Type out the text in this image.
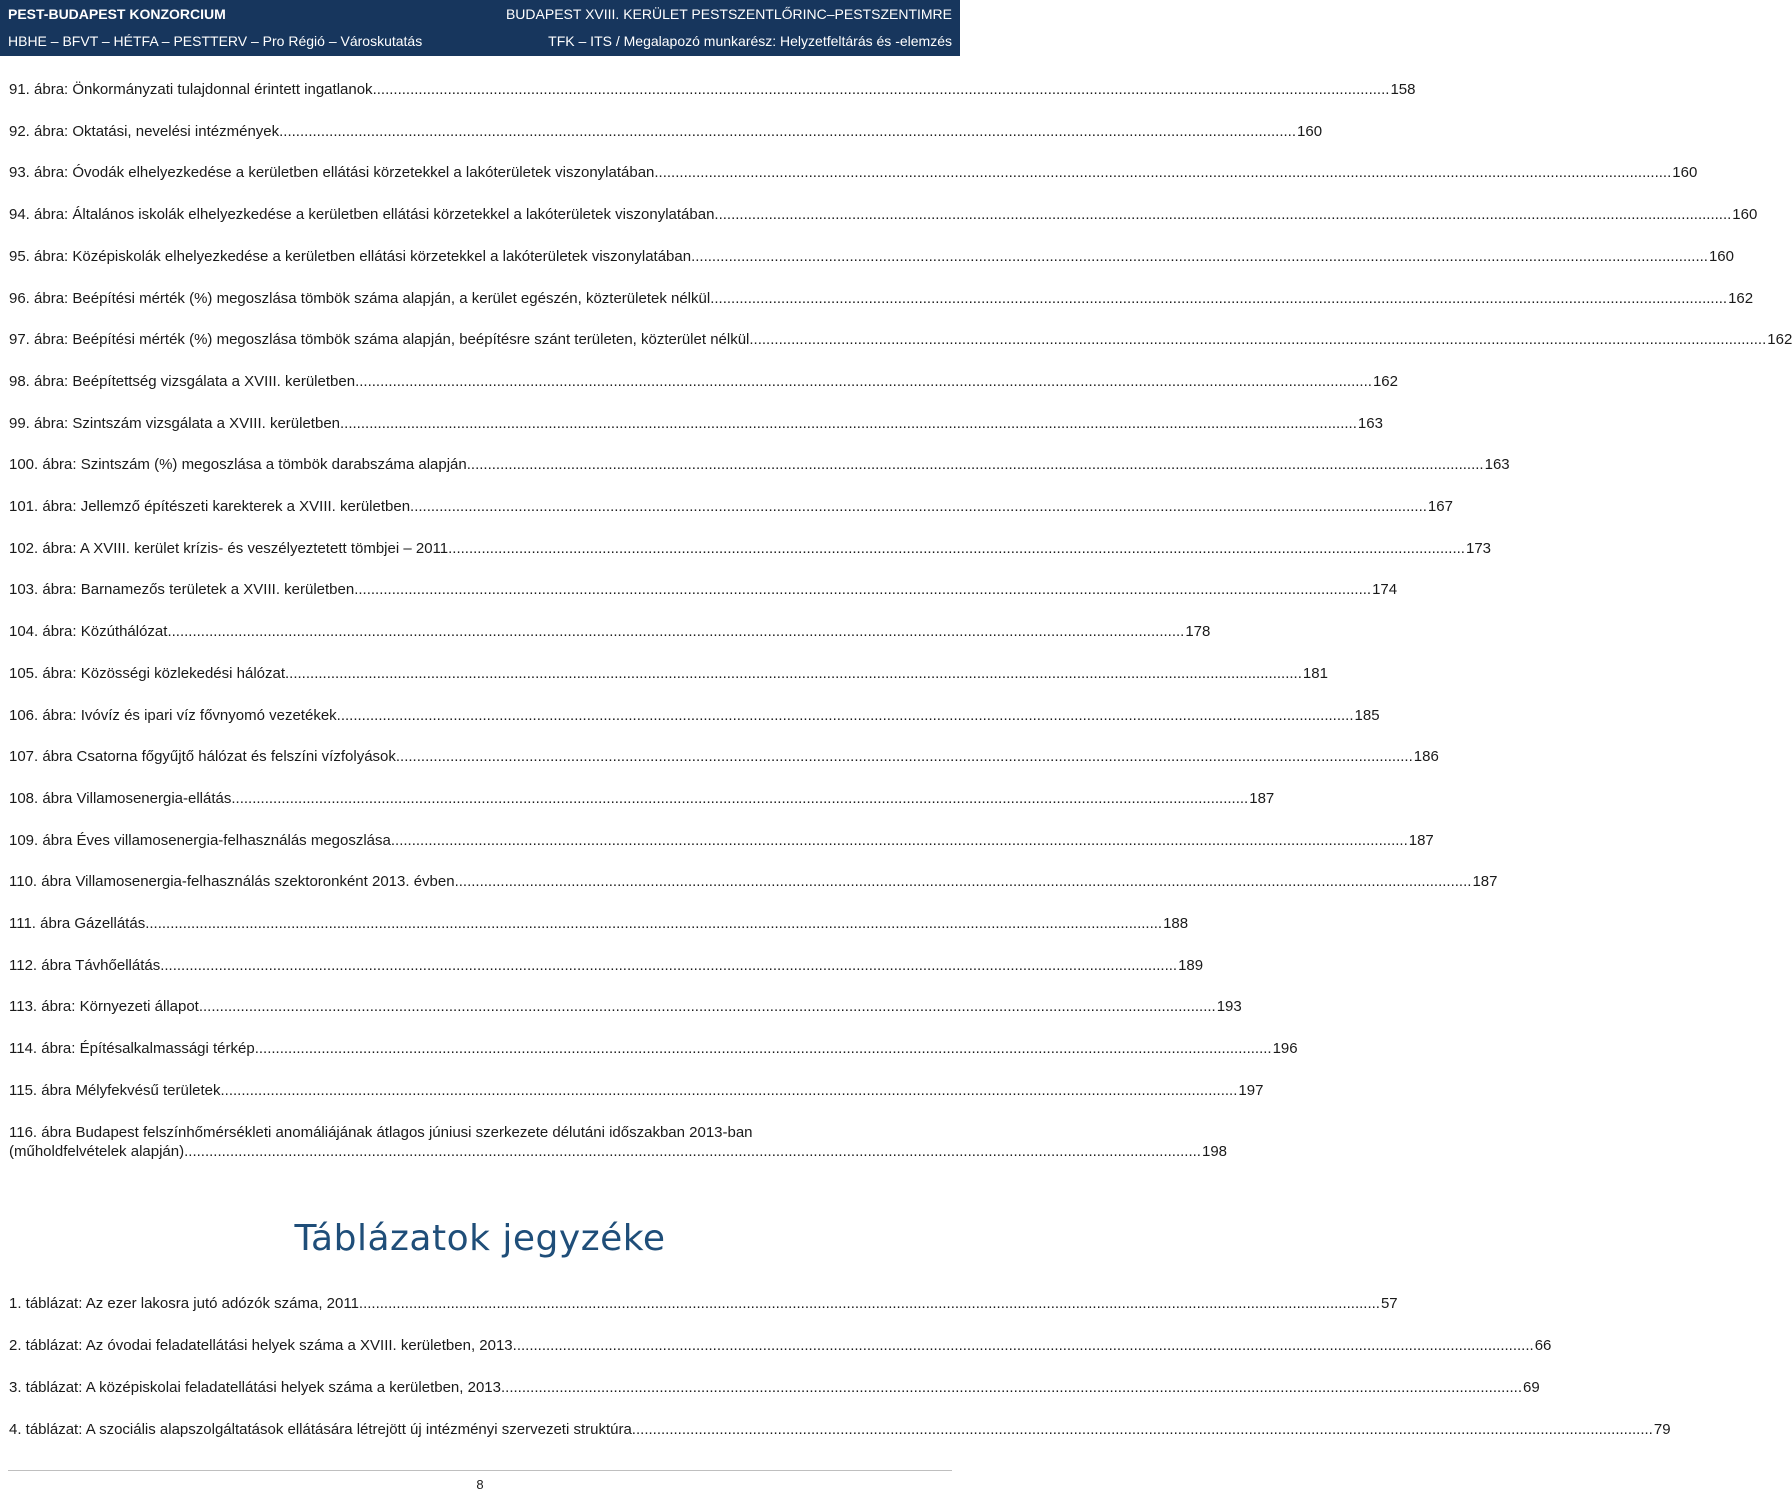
PEST-BUDAPEST KONZORCIUM	BUDAPEST XVIII. KERÜLET PESTSZENTLŐRINC–PESTSZENTIMRE
HBHE – BFVT – HÉTFA – PESTTERV – Pro Régió – Városkutatás	TFK – ITS / Megalapozó munkarész: Helyzetfeltárás és -elemzés
91. ábra: Önkormányzati tulajdonnal érintett ingatlanok .....	158
92. ábra: Oktatási, nevelési intézmények .....	160
93. ábra: Óvodák elhelyezkedése a kerületben ellátási körzetekkel a lakóterületek viszonylatában .....	160
94. ábra: Általános iskolák elhelyezkedése a kerületben ellátási körzetekkel a lakóterületek viszonylatában .....	160
95. ábra: Középiskolák elhelyezkedése a kerületben ellátási körzetekkel a lakóterületek viszonylatában .....	160
96. ábra: Beépítési mérték (%) megoszlása tömbök száma alapján, a kerület egészén, közterületek nélkül .....	162
97. ábra: Beépítési mérték (%) megoszlása tömbök száma alapján, beépítésre szánt területen, közterület nélkül .....	162
98. ábra: Beépítettség vizsgálata a XVIII. kerületben .....	162
99. ábra: Szintszám vizsgálata a XVIII. kerületben .....	163
100. ábra: Szintszám (%) megoszlása a tömbök darabszáma alapján .....	163
101. ábra: Jellemző építészeti karekterek a XVIII. kerületben .....	167
102. ábra: A XVIII. kerület krízis- és veszélyeztetett tömbjei – 2011 .....	173
103. ábra: Barnamezős területek a XVIII. kerületben .....	174
104. ábra: Közúthálózat .....	178
105. ábra: Közösségi közlekedési hálózat .....	181
106. ábra: Ivóvíz és ipari víz fővnyomó vezetékek .....	185
107. ábra Csatorna főgyűjtő hálózat és felszíni vízfolyások .....	186
108. ábra Villamosenergia-ellátás .....	187
109. ábra Éves villamosenergia-felhasználás megoszlása .....	187
110. ábra Villamosenergia-felhasználás szektoronként 2013. évben .....	187
111. ábra Gázellátás .....	188
112. ábra Távhőellátás .....	189
113. ábra: Környezeti állapot .....	193
114. ábra: Építésalkalmassági térkép .....	196
115. ábra Mélyfekvésű területek .....	197
116. ábra Budapest felszínhőmérsékleti anomáliájának átlagos júniusi szerkezete délutáni időszakban 2013-ban
(műholdfelvételek alapján) .....	198
Táblázatok jegyzéke
1. táblázat: Az ezer lakosra jutó adózók száma, 2011. .....	57
2. táblázat: Az óvodai feladatellátási helyek száma a XVIII. kerületben, 2013. .....	66
3. táblázat: A középiskolai feladatellátási helyek száma a kerületben, 2013. .....	69
4. táblázat: A szociális alapszolgáltatások ellátására létrejött új intézményi szervezeti struktúra. .....	79
8
